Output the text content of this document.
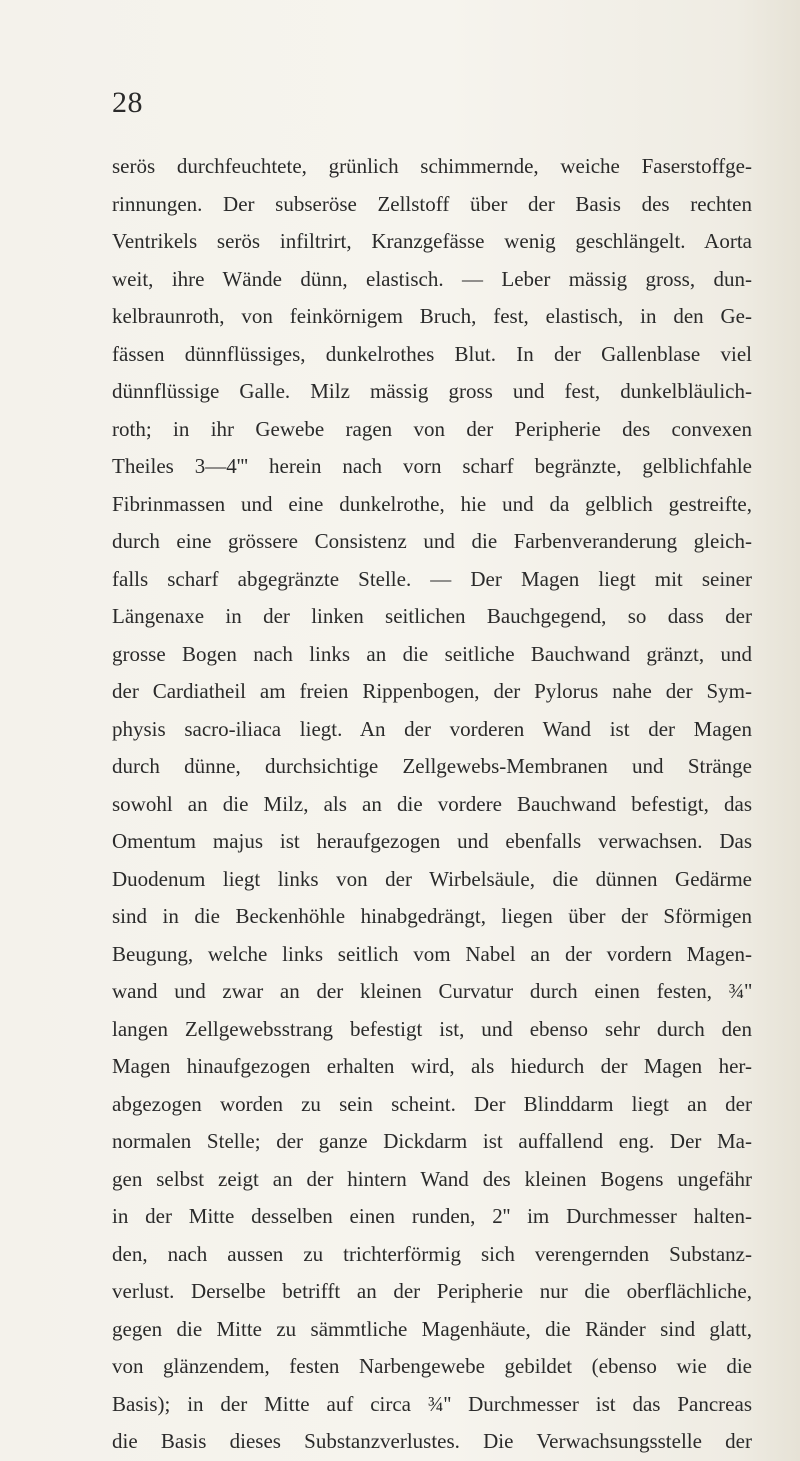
28
serös durchfeuchtete, grünlich schimmernde, weiche Faserstoffge-
rinnungen. Der subseröse Zellstoff über der Basis des rechten
Ventrikels serös infiltrirt, Kranzgefässe wenig geschlängelt. Aorta
weit, ihre Wände dünn, elastisch. — Leber mässig gross, dun-
kelbraunroth, von feinkörnigem Bruch, fest, elastisch, in den Ge-
fässen dünnflüssiges, dunkelrothes Blut. In der Gallenblase viel
dünnflüssige Galle. Milz mässig gross und fest, dunkelbläulich-
roth; in ihr Gewebe ragen von der Peripherie des convexen
Theiles 3—4''' herein nach vorn scharf begränzte, gelblichfahle
Fibrinmassen und eine dunkelrothe, hie und da gelblich gestreifte,
durch eine grössere Consistenz und die Farbenveranderung gleich-
falls scharf abgegränzte Stelle. — Der Magen liegt mit seiner
Längenaxe in der linken seitlichen Bauchgegend, so dass der
grosse Bogen nach links an die seitliche Bauchwand gränzt, und
der Cardiatheil am freien Rippenbogen, der Pylorus nahe der Sym-
physis sacro-iliaca liegt. An der vorderen Wand ist der Magen
durch dünne, durchsichtige Zellgewebs-Membranen und Stränge
sowohl an die Milz, als an die vordere Bauchwand befestigt, das
Omentum majus ist heraufgezogen und ebenfalls verwachsen. Das
Duodenum liegt links von der Wirbelsäule, die dünnen Gedärme
sind in die Beckenhöhle hinabgedrängt, liegen über der Sförmigen
Beugung, welche links seitlich vom Nabel an der vordern Magen-
wand und zwar an der kleinen Curvatur durch einen festen, ¾''
langen Zellgewebsstrang befestigt ist, und ebenso sehr durch den
Magen hinaufgezogen erhalten wird, als hiedurch der Magen her-
abgezogen worden zu sein scheint. Der Blinddarm liegt an der
normalen Stelle; der ganze Dickdarm ist auffallend eng. Der Ma-
gen selbst zeigt an der hintern Wand des kleinen Bogens ungefähr
in der Mitte desselben einen runden, 2'' im Durchmesser halten-
den, nach aussen zu trichterförmig sich verengernden Substanz-
verlust. Derselbe betrifft an der Peripherie nur die oberflächliche,
gegen die Mitte zu sämmtliche Magenhäute, die Ränder sind glatt,
von glänzendem, festen Narbengewebe gebildet (ebenso wie die
Basis); in der Mitte auf circa ¾'' Durchmesser ist das Pancreas
die Basis dieses Substanzverlustes. Die Verwachsungsstelle der
